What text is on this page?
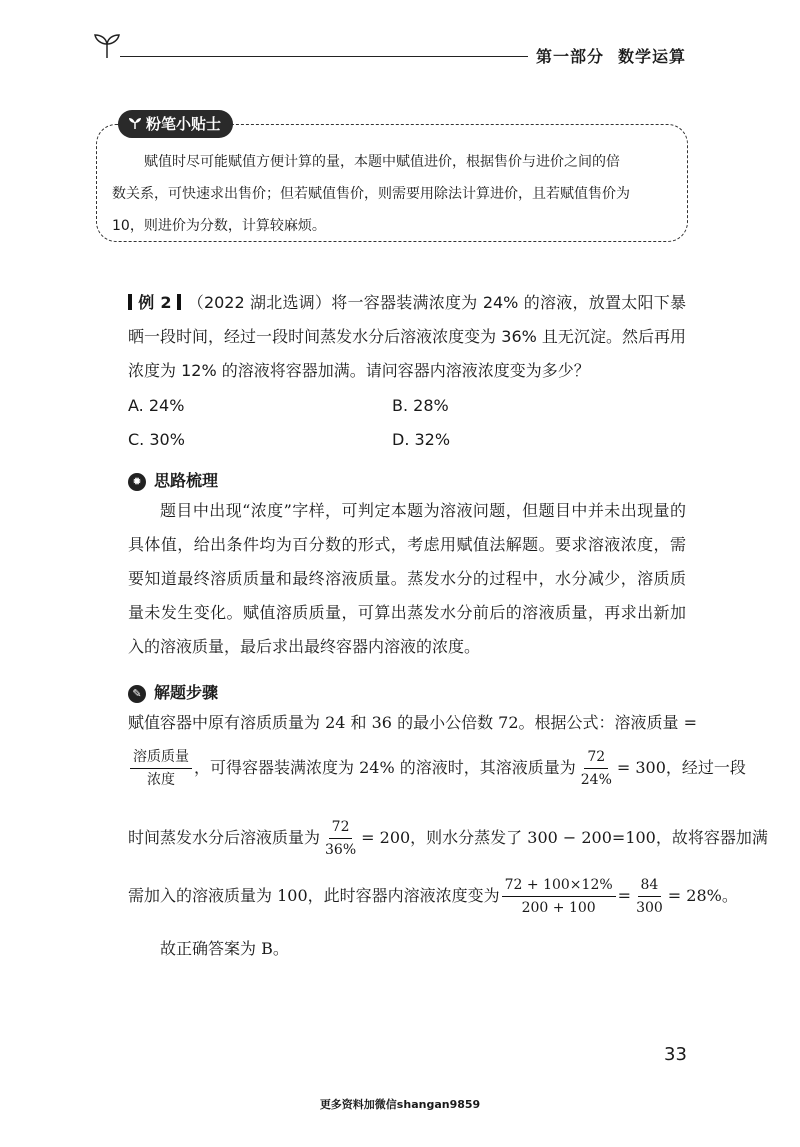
第一部分 数学运算
粉笔小贴士

赋值时尽可能赋值方便计算的量，本题中赋值进价，根据售价与进价之间的倍

数关系，可快速求出售价；但若赋值售价，则需要用除法计算进价，且若赋值售价为

10，则进价为分数，计算较麻烦。

例 2 （2022 湖北选调）将一容器装满浓度为 24% 的溶液，放置太阳下暴晒一段时间，经过一段时间蒸发水分后溶液浓度变为 36% 且无沉淀。然后再用浓度为 12% 的溶液将容器加满。请问容器内溶液浓度变为多少？
A. 24%	B. 28%
C. 30%	D. 32%
✹ 思路梳理

题目中出现“浓度”字样，可判定本题为溶液问题，但题目中并未出现量的具体值，给出条件均为百分数的形式，考虑用赋值法解题。要求溶液浓度，需要知道最终溶质质量和最终溶液质量。蒸发水分的过程中，水分减少，溶质质量未发生变化。赋值溶质质量，可算出蒸发水分前后的溶液质量，再求出新加入的溶液质量，最后求出最终容器内溶液的浓度。

✎ 解题步骤
赋值容器中原有溶质质量为 24 和 36 的最小公倍数 72。根据公式：溶液质量 =
$\frac{\text{溶质质量}}{\text{浓度}}$ ，可得容器装满浓度为 24% 的溶液时，其溶液质量为 $\frac{72}{24\%} = 300$，经过一段
时间蒸发水分后溶液质量为 $\frac{72}{36\%} = 200$，则水分蒸发了 300 − 200=100，故将容器加满
需加入的溶液质量为 100，此时容器内溶液浓度变为 $\frac{72 + 100\times 12\%}{200 + 100} = \frac{84}{300} = 28\%$。
故正确答案为 B。
33
更多资料加微信shangan9859
